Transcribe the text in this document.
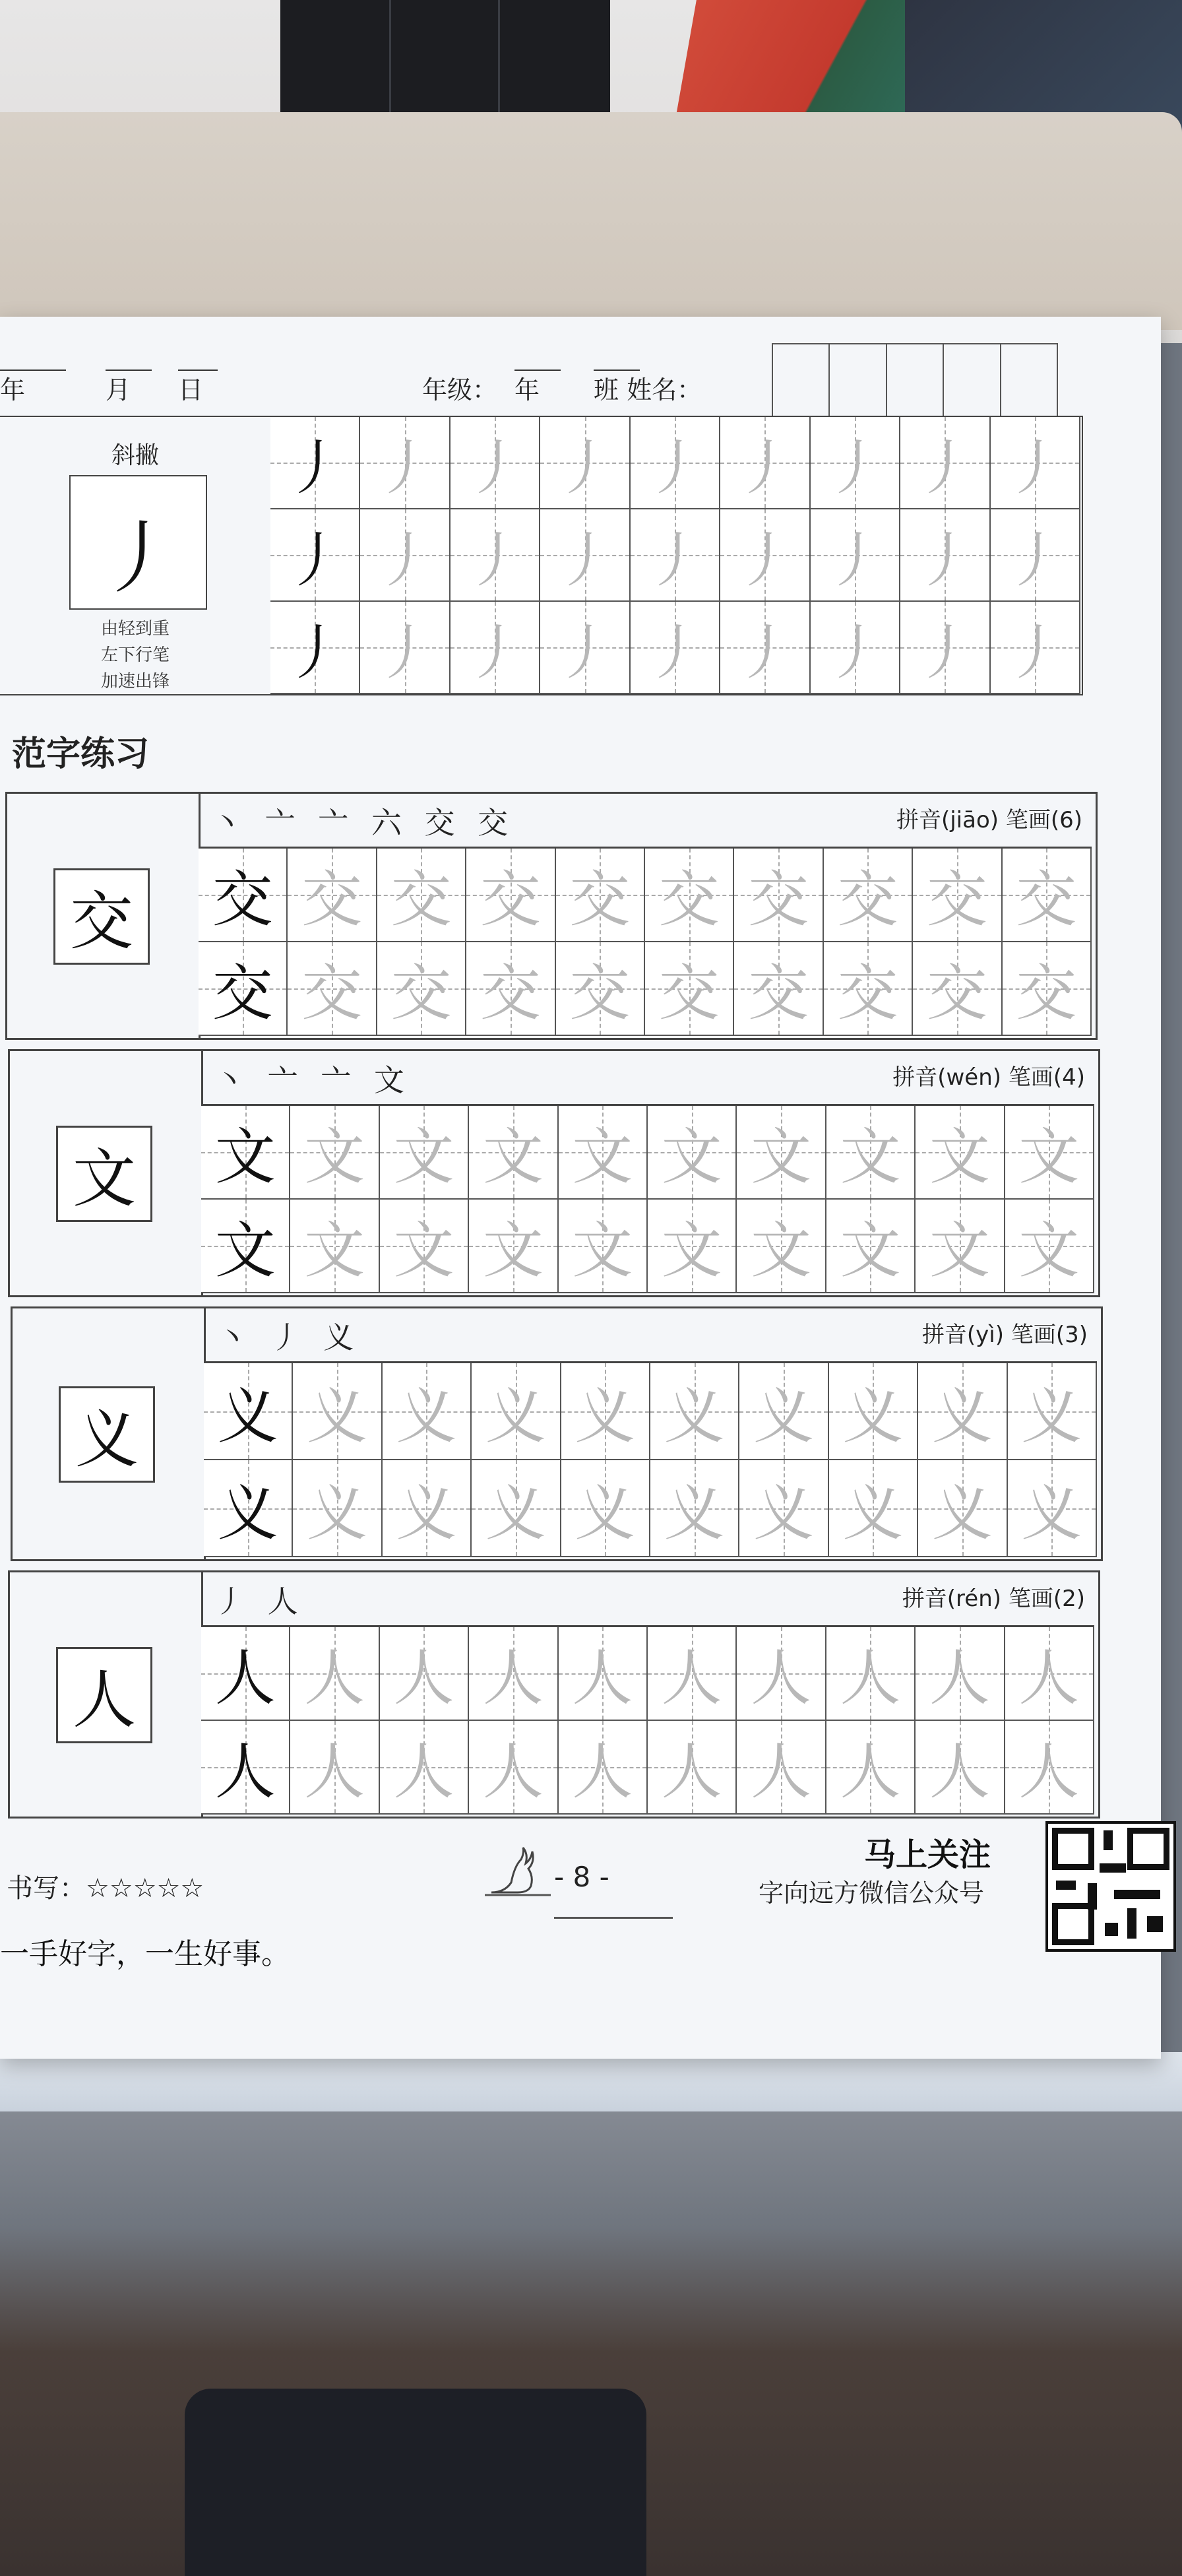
年	月 日	年级： 年 班 姓名：
斜撇
丿
由轻到重
左下行笔
加速出锋
丿 丿 丿 丿 丿 丿 丿 丿 丿
丿 丿 丿 丿 丿 丿 丿 丿 丿
丿 丿 丿 丿 丿 丿 丿 丿 丿
范字练习
交
丶 亠 亠 六 交 交	拼音(jiāo) 笔画(6)
交 交 交 交 交 交 交 交 交 交
交 交 交 交 交 交 交 交 交 交
文
丶 亠 亠 文	拼音(wén) 笔画(4)
文 文 文 文 文 文 文 文 文 文
文 文 文 文 文 文 文 文 文 文
义
丶 丿 义	拼音(yì) 笔画(3)
义 义 义 义 义 义 义 义 义 义
义 义 义 义 义 义 义 义 义 义
人
丿 人	拼音(rén) 笔画(2)
人 人 人 人 人 人 人 人 人 人
人 人 人 人 人 人 人 人 人 人
书写：☆☆☆☆☆	- 8 -

马上关注
字向远方微信公众号
一手好字，一生好事。
